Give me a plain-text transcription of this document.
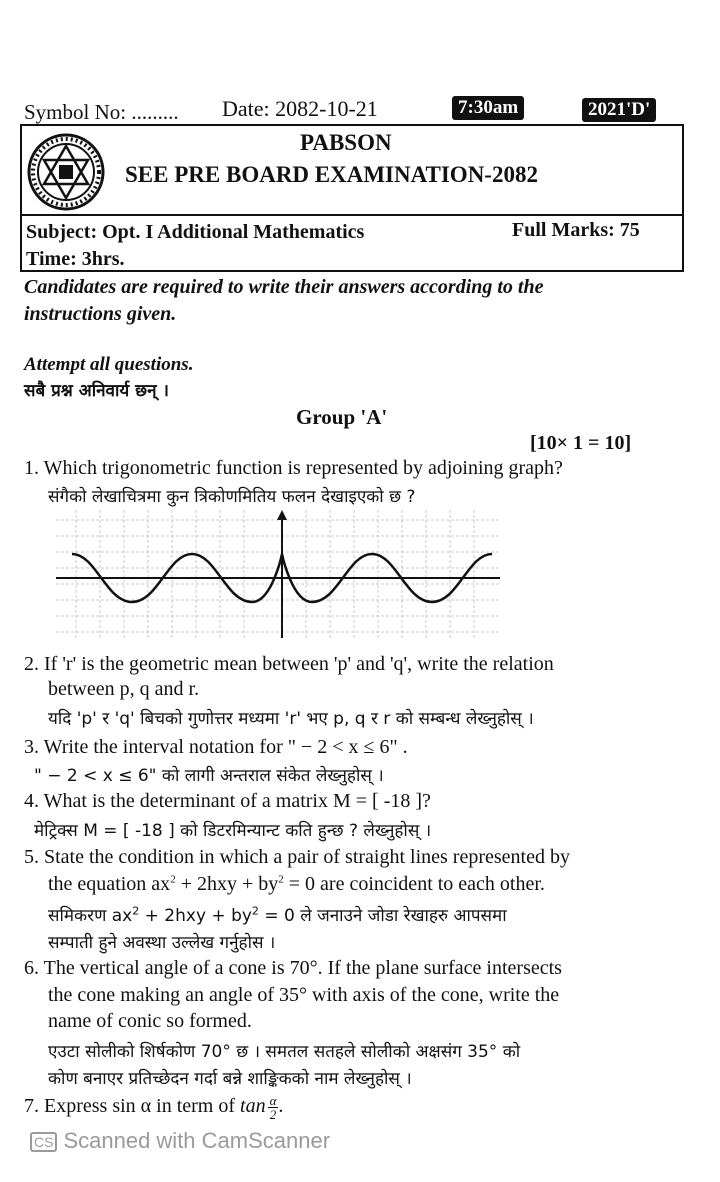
Symbol No: ......... Date: 2082-10-21	7:30am	2021'D'
PABSON
SEE PRE BOARD EXAMINATION-2082
Subject: Opt. I Additional Mathematics	Full Marks: 75
Time: 3hrs.
Candidates are required to write their answers according to the
instructions given.
Attempt all questions.
सबै प्रश्न अनिवार्य छन् ।
Group 'A'
[10× 1 = 10]
1. Which trigonometric function is represented by adjoining graph?
संगैको लेखाचित्रमा कुन त्रिकोणमितिय फलन देखाइएको छ ?
2. If 'r' is the geometric mean between 'p' and 'q', write the relation
between p, q and r.
यदि 'p' र 'q' बिचको गुणोत्तर मध्यमा 'r' भए p, q र r को सम्बन्ध लेख्नुहोस् ।
3. Write the interval notation for " − 2 < x ≤ 6" .
" − 2 < x ≤ 6" को लागी अन्तराल संकेत लेख्नुहोस् ।
4. What is the determinant of a matrix M = [ -18 ]?
मेट्रिक्स M = [ -18 ] को डिटरमिन्यान्ट कति हुन्छ ? लेख्नुहोस् ।
5. State the condition in which a pair of straight lines represented by
the equation $ax^2 + 2hxy + by^2 = 0$ are coincident to each other.
समिकरण $ax^2 + 2hxy + by^2 = 0$ ले जनाउने जोडा रेखाहरु आपसमा
सम्पाती हुने अवस्था उल्लेख गर्नुहोस ।
6. The vertical angle of a cone is 70°. If the plane surface intersects
the cone making an angle of 35° with axis of the cone, write the
name of conic so formed.
एउटा सोलीको शिर्षकोण 70° छ । समतल सतहले सोलीको अक्षसंग 35° को
कोण बनाएर प्रतिच्छेदन गर्दा बन्ने शाङ्किकको नाम लेख्नुहोस् ।
7. Express sin α in term of $\tan \frac{\alpha}{2}$ .
CS Scanned with CamScanner
